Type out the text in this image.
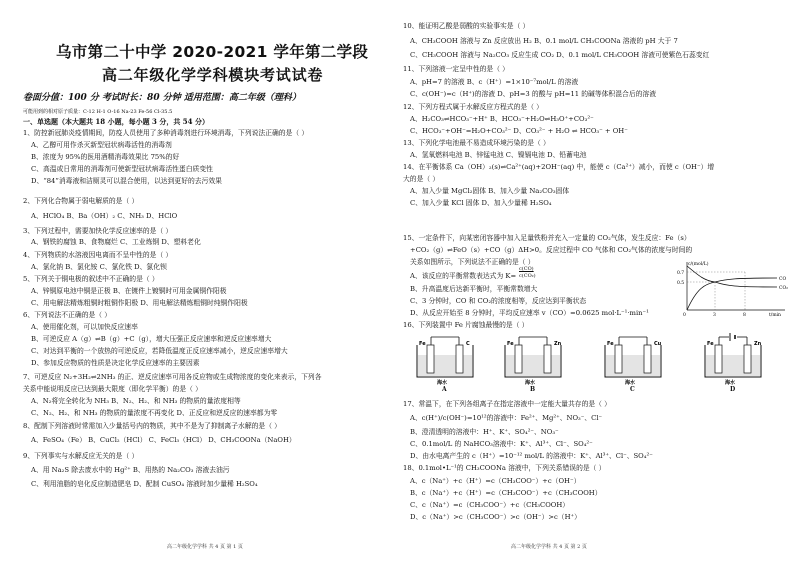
乌市第二十中学 2020-2021 学年第二学段
高二年级化学学科模块考试试卷
卷面分值：100 分 考试时长：80 分钟 适用范围：高二年级（理科）
可能用到的相对原子质量：C-12 H-1 O-16 Na-23 Fe-56 Cl-35.5
一、单选题（本大题共 18 小题，每小题 3 分，共 54 分）
1、防控新冠肺炎疫情期间，防疫人员使用了多种消毒剂进行环境消毒，下列说法正确的是（ ）
A、乙醇可用作杀灭新型冠状病毒活性的消毒剂
B、浓度为 95%的医用酒精消毒效果比 75%的好
C、高温或日常用的消毒剂可使新型冠状病毒活性蛋白质变性
D、“84”消毒液和洁厕灵可以混合使用，以达到更好的去污效果
2、下列化合物属于弱电解质的是（ ）
A、HClO₄ B、Ba（OH）₂ C、NH₃ D、HClO
3、下列过程中，需要加快化学反应速率的是（ ）
A、钢铁的腐蚀 B、食物腐烂 C、工业炼钢 D、塑料老化
4、下列物质的水溶液因电离而不呈中性的是（ ）
A、氯化钠 B、氯化铵 C、氯化铁 D、氯化钡
5、下列关于铜电极的叙述中不正确的是（ ）
A、锌铜原电池中铜是正极 B、在镀件上镀铜时可用金属铜作阳极
C、用电解法精炼粗铜时粗铜作阳极 D、用电解法精炼粗铜时纯铜作阳极
6、下列说法不正确的是（ ）
A、使用催化剂，可以加快反应速率
B、可逆反应 A（g）⇌B（g）+C（g），增大压强正反应速率和逆反应速率增大
C、对达到平衡的一个放热的可逆反应，若降低温度正反应速率减小，逆反应速率增大
D、参加反应物质的性质是决定化学反应速率的主要因素
7、可逆反应 N₂+3H₂⇌2NH₃ 的正、逆反应速率可用各反应物或生成物浓度的变化来表示，下列各
关系中能说明反应已达到最大限度（即化学平衡）的是（ ）
A、N₂将完全转化为 NH₃ B、N₂、H₂、和 NH₃ 的物质的量浓度相等
C、N₂、H₂、和 NH₃ 的物质的量浓度不再变化 D、正反应和逆反应的速率都为零
8、配制下列溶液时常需加入少量括号内的物质，其中不是为了抑制离子水解的是（ ）
A、FeSO₄（Fe） B、CuCl₂（HCl） C、FeCl₃（HCl） D、CH₃COONa（NaOH）
9、下列事实与水解反应无关的是（ ）
A、用 Na₂S 除去废水中的 Hg²⁺ B、用热的 Na₂CO₃ 溶液去油污
C、利用油脂的皂化反应制造肥皂 D、配制 CuSO₄ 溶液时加少量稀 H₂SO₄
高二年级化学学科 共 4 页 第 1 页
10、能证明乙酸是弱酸的实验事实是（ ）
A、CH₃COOH 溶液与 Zn 反应放出 H₂ B、0.1 mol/L CH₃COONa 溶液的 pH 大于 7
C、CH₃COOH 溶液与 Na₂CO₃ 反应生成 CO₂ D、0.1 mol/L CH₃COOH 溶液可使紫色石蕊变红
11、下列溶液一定呈中性的是（ ）
A、pH=7 的溶液 B、c（H⁺）=1×10⁻⁷mol/L 的溶液
C、c(OH⁻)=c（H⁺)的溶液 D、pH=3 的酸与 pH=11 的碱等体积混合后的溶液
12、下列方程式属于水解反应方程式的是（ ）
A、H₂CO₃⇌HCO₃⁻+H⁺ B、HCO₃⁻+H₂O⇌H₃O⁺+CO₃²⁻
C、HCO₃⁻+OH⁻=H₂O+CO₃²⁻ D、CO₃²⁻ + H₂O ⇌ HCO₃⁻ + OH⁻
13、下列化学电池最不易造成环境污染的是（ ）
A、氢氧燃料电池 B、锌锰电池 C、镍镉电池 D、铅蓄电池
14、在平衡体系 Ca（OH）₂(s)⇌Ca²⁺(aq)+2OH⁻(aq) 中，能使 c（Ca²⁺）减小，而使 c（OH⁻）增
大的是（ ）
A、加入少量 MgCl₂固体 B、加入少量 Na₂CO₃固体
C、加入少量 KCl 固体 D、加入少量稀 H₂SO₄
15、一定条件下，向某密闭容器中加入足量铁粉并充入一定量的 CO₂气体，发生反应：Fe（s）
+CO₂（g）⇌FeO（s）+CO（g）ΔH>0。反应过程中 CO 气体和 CO₂气体的浓度与时间的
关系如图所示，下列说法不正确的是（ ）
A、该反应的平衡常数表达式为 K=
c(CO)
c(CO₂)
B、升高温度后达新平衡时，平衡常数增大
C、3 分钟时，CO 和 CO₂的浓度相等，反应达到平衡状态
D、从反应开始至 8 分钟时，平均反应速率 v（CO）=0.0625 mol·L⁻¹·min⁻¹
c/(mol/L)
0.7
0.5
0	3	8	t/min
CO
CO₂
16、下列装置中 Fe 片腐蚀最慢的是（ ）
Fe	C
海水
A
Fe	Zn
海水
B
Fe	Cu
海水
C
Fe	Zn
海水
D
17、常温下，在下列各组离子在指定溶液中一定能大量共存的是（ ）
A、c(H⁺)/c(OH⁻)=10¹²的溶液中：Fe²⁺、Mg²⁺、NO₃⁻、Cl⁻
B、澄清透明的溶液中：H⁺、K⁺、SO₄²⁻、NO₃⁻
C、0.1mol/L 的 NaHCO₃溶液中：K⁺、Al³⁺、Cl⁻、SO₄²⁻
D、由水电离产生的 c（H⁺）=10⁻¹² mol/L 的溶液中：K⁺、Al³⁺、Cl⁻、SO₄²⁻
18、0.1mol•L⁻¹的 CH₃COONa 溶液中，下列关系错误的是（ ）
A、c（Na⁺）+c（H⁺）=c（CH₃COO⁻）+c（OH⁻）
B、c（Na⁺）+c（H⁺）=c（CH₃COO⁻）+c（CH₃COOH）
C、c（Na⁺）=c（CH₃COO⁻）+c（CH₃COOH）
D、c（Na⁺）>c（CH₃COO⁻）>c（OH⁻）>c（H⁺）
高二年级化学学科 共 4 页 第 2 页
